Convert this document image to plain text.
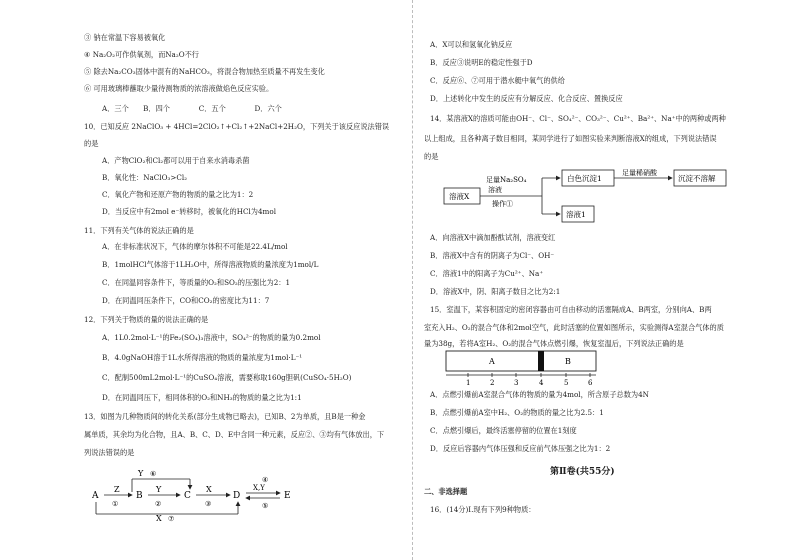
③ 钠在常温下容易被氧化
④ Na₂O₂可作供氧剂，而Na₂O不行
⑤ 除去Na₂CO₃固体中混有的NaHCO₃，将混合物加热至质量不再发生变化
⑥ 可用玻璃棒蘸取少量待测物质的浓溶液做焰色反应实验。
A．三个　　B．四个　　　　C．五个　　　　D．六个
10．已知反应 2NaClO₃ + 4HCl=2ClO₂↑+Cl₂↑+2NaCl+2H₂O，下列关于该反应说法错误
的是
A．产物ClO₂和Cl₂都可以用于自来水消毒杀菌
B．氧化性：NaClO₃>Cl₂
C．氧化产物和还原产物的物质的量之比为1：2
D．当反应中有2mol e⁻转移时，被氧化的HCl为4mol
11．下列有关气体的说法正确的是
A．在非标准状况下，气体的摩尔体积不可能是22.4L/mol
B．1molHCl气体溶于1LH₂O中，所得溶液物质的量浓度为1mol/L
C．在同温同容条件下，等质量的O₂和SO₂的压强比为2：1
D．在同温同压条件下，CO和CO₂的密度比为11：7
12．下列关于物质的量的说法正确的是
A．1L0.2mol·L⁻¹的Fe₂(SO₄)₃溶液中，SO₄²⁻的物质的量为0.2mol
B．4.0gNaOH溶于1L水所得溶液的物质的量浓度为1mol·L⁻¹
C．配制500mL2mol·L⁻¹的CuSO₄溶液，需要称取160g胆矾(CuSO₄·5H₂O)
D．在同温同压下，相同体积的O₂和NH₃的物质的量之比为1:1
13．如图为几种物质间的转化关系(部分生成物已略去)，已知B、2为单质，且B是一种金
属单质，其余均为化合物，且A、B、C、D、E中含同一种元素，反应②、③均有气体放出，下
列说法错误的是
Y ⑥
A
Z
①
B
Y
②
C
X
③
D
④
X,Y
⑤
E
X ⑦
A．X可以和氢氧化钠反应
B．反应③说明E的稳定性强于D
C．反应⑥、⑦可用于潜水艇中氧气的供给
D．上述转化中发生的反应有分解反应、化合反应、置换反应
14．某溶液X的溶质可能由OH⁻、Cl⁻、SO₄²⁻、CO₃²⁻、Cu²⁺、Ba²⁺、Na⁺中的两种或两种
以上组成，且各种离子数目相同，某同学进行了如图实验来判断溶液X的组成，下列说法错误
的是
溶液X
足量Na₂SO₄
溶液
操作①
白色沉淀1
足量稀硝酸
沉淀不溶解
溶液1
A．向溶液X中滴加酚酞试剂，溶液变红
B．溶液X中含有的阴离子为Cl⁻、OH⁻
C．溶液1中的阳离子为Cu²⁺、Na⁺
D．溶液X中，阴、阳离子数目之比为2:1
15．室温下，某容积固定的密闭容器由可自由移动的活塞隔成A、B两室，分别向A、B两
室充入H₂、O₂的混合气体和2mol空气，此时活塞的位置如图所示，实验测得A室混合气体的质
量为38g，若将A室H₂、O₂的混合气体点燃引爆，恢复室温后，下列说法正确的是
A	B
1	2	3	4	5	6
A．点燃引爆前A室混合气体的物质的量为4mol，所含原子总数为4N
B．点燃引爆前A室中H₂、O₂的物质的量之比为2.5：1
C．点燃引爆后，最终活塞停留的位置在1刻度
D．反应后容器内气体压强和反应前气体压强之比为1：2
第Ⅱ卷(共55分)
二、非选择题
16．(14分)Ⅰ.现有下列9种物质：
